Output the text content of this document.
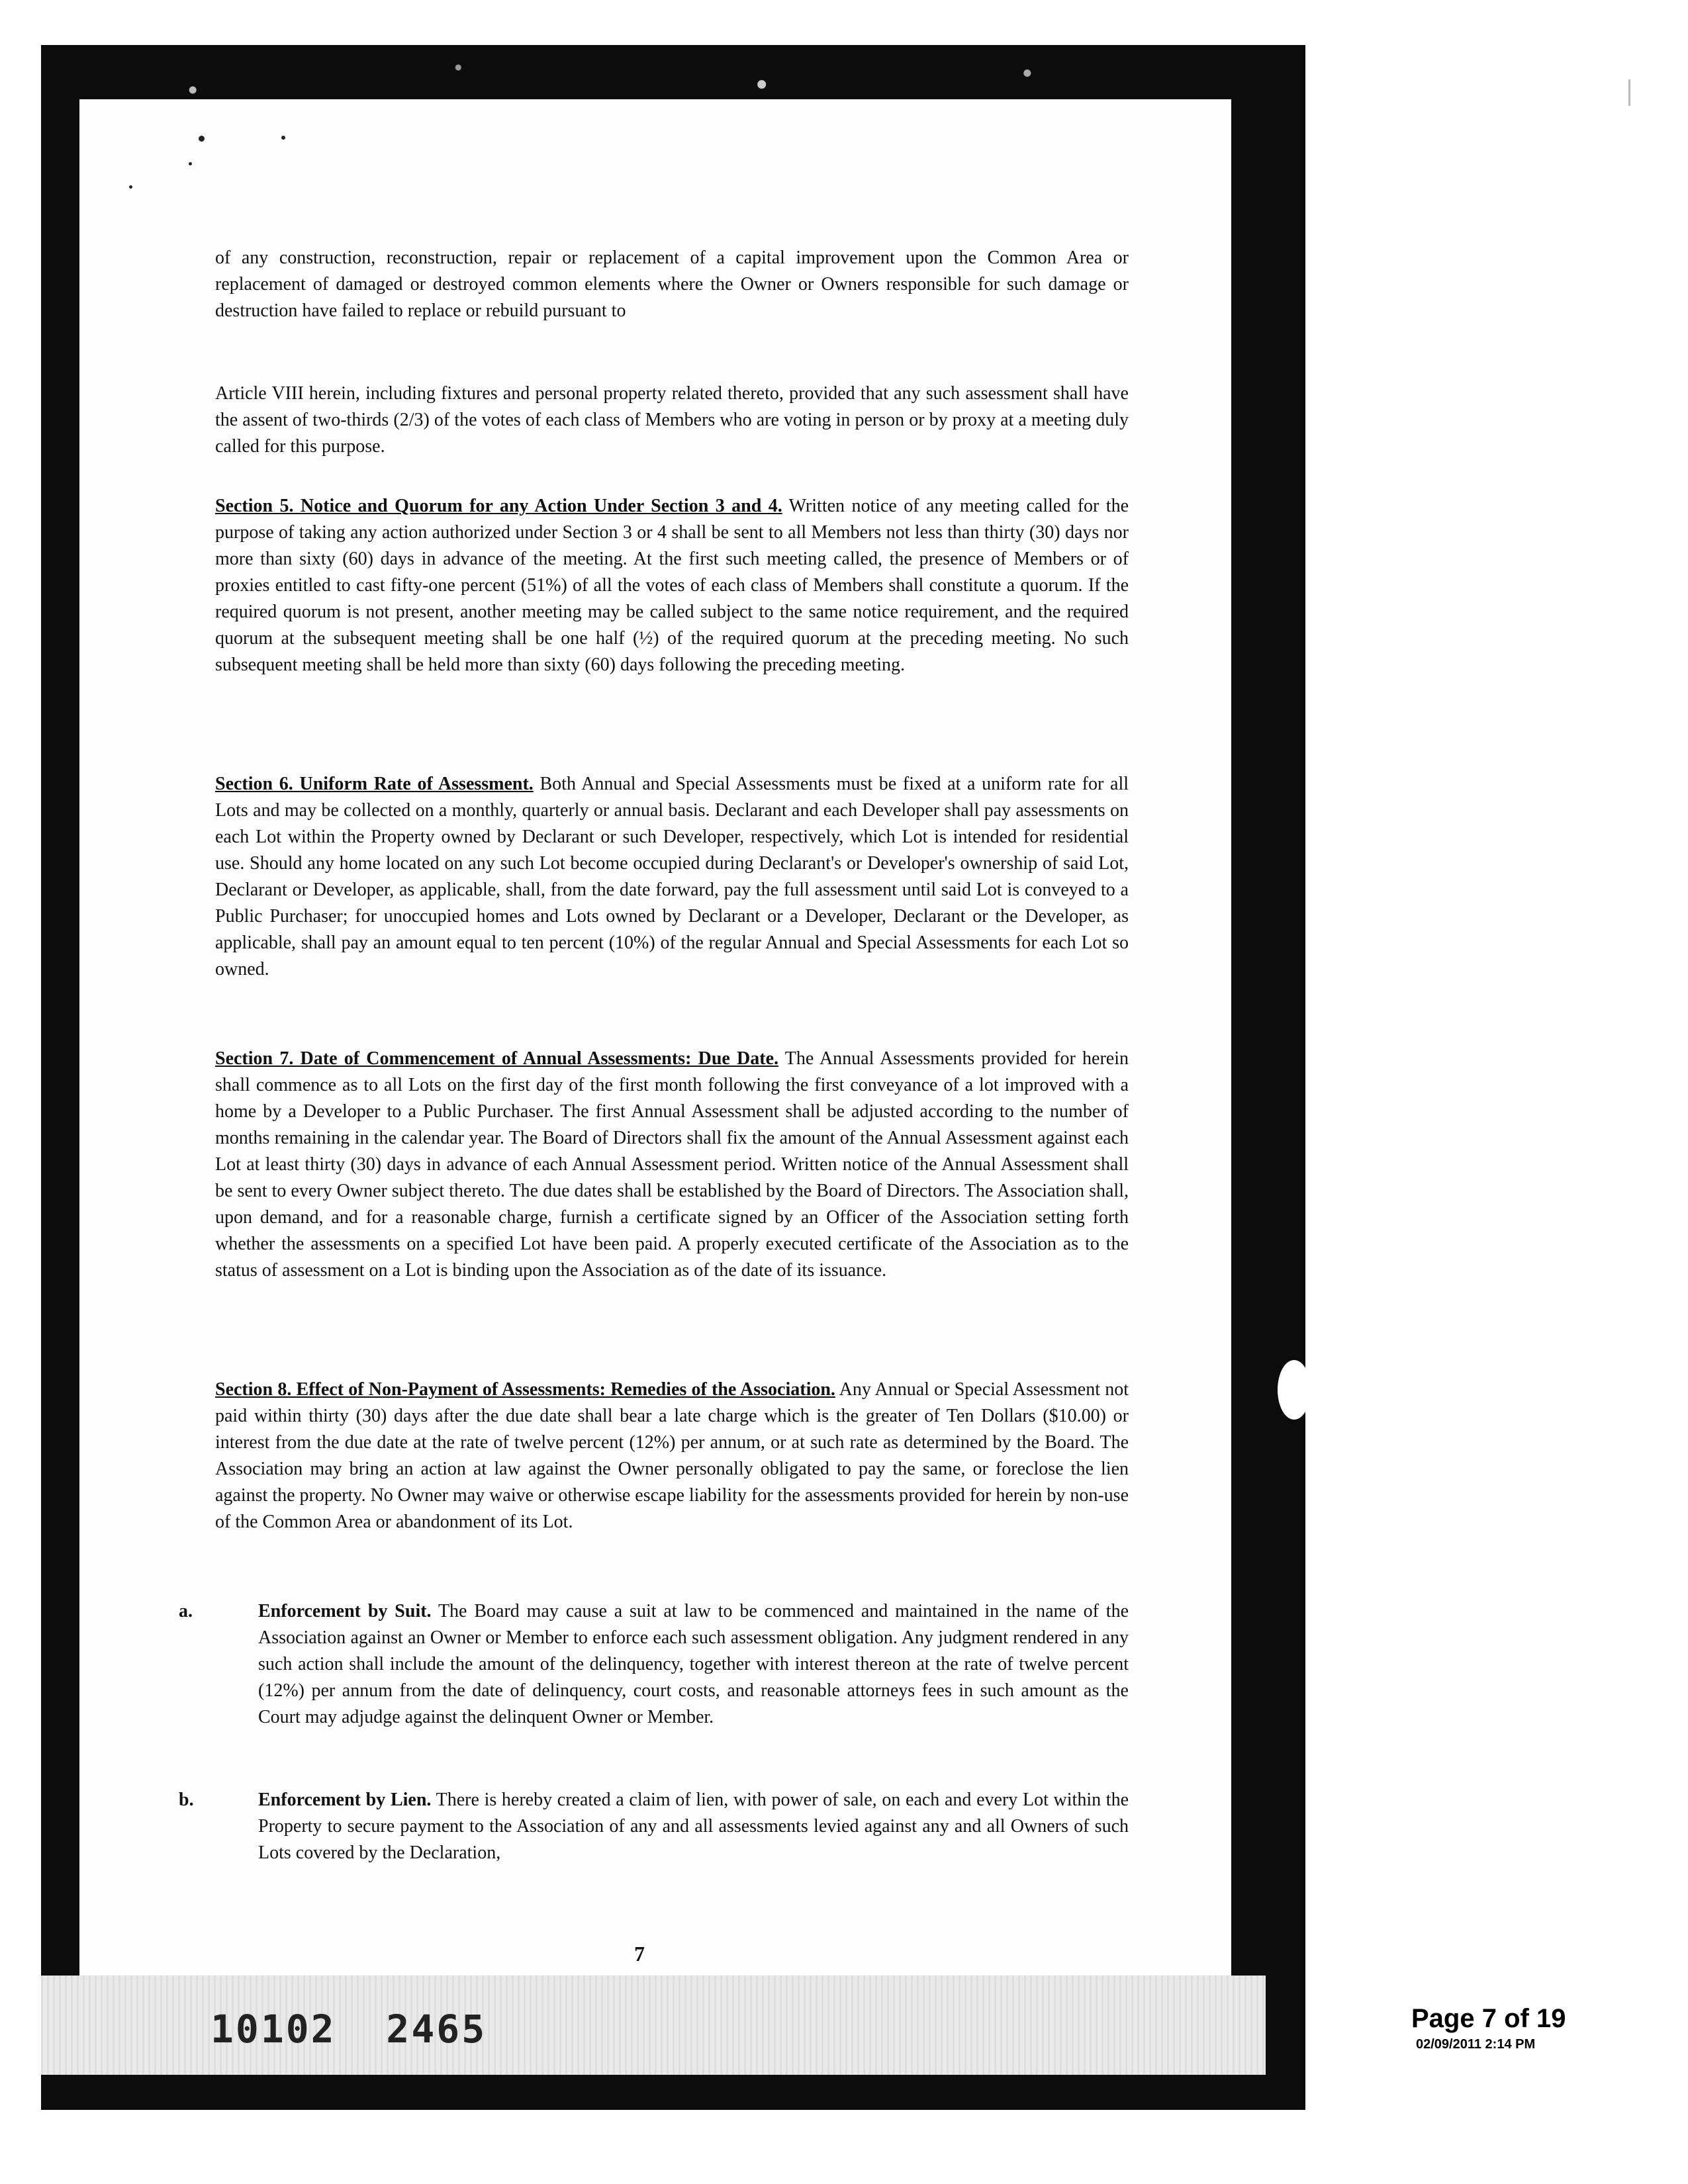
of any construction, reconstruction, repair or replacement of a capital improvement upon the Common Area or replacement of damaged or destroyed common elements where the Owner or Owners responsible for such damage or destruction have failed to replace or rebuild pursuant to

Article VIII herein, including fixtures and personal property related thereto, provided that any such assessment shall have the assent of two-thirds (2/3) of the votes of each class of Members who are voting in person or by proxy at a meeting duly called for this purpose.

Section 5. Notice and Quorum for any Action Under Section 3 and 4. Written notice of any meeting called for the purpose of taking any action authorized under Section 3 or 4 shall be sent to all Members not less than thirty (30) days nor more than sixty (60) days in advance of the meeting. At the first such meeting called, the presence of Members or of proxies entitled to cast fifty-one percent (51%) of all the votes of each class of Members shall constitute a quorum. If the required quorum is not present, another meeting may be called subject to the same notice requirement, and the required quorum at the subsequent meeting shall be one half (½) of the required quorum at the preceding meeting. No such subsequent meeting shall be held more than sixty (60) days following the preceding meeting.

Section 6. Uniform Rate of Assessment. Both Annual and Special Assessments must be fixed at a uniform rate for all Lots and may be collected on a monthly, quarterly or annual basis. Declarant and each Developer shall pay assessments on each Lot within the Property owned by Declarant or such Developer, respectively, which Lot is intended for residential use. Should any home located on any such Lot become occupied during Declarant's or Developer's ownership of said Lot, Declarant or Developer, as applicable, shall, from the date forward, pay the full assessment until said Lot is conveyed to a Public Purchaser; for unoccupied homes and Lots owned by Declarant or a Developer, Declarant or the Developer, as applicable, shall pay an amount equal to ten percent (10%) of the regular Annual and Special Assessments for each Lot so owned.

Section 7. Date of Commencement of Annual Assessments: Due Date. The Annual Assessments provided for herein shall commence as to all Lots on the first day of the first month following the first conveyance of a lot improved with a home by a Developer to a Public Purchaser. The first Annual Assessment shall be adjusted according to the number of months remaining in the calendar year. The Board of Directors shall fix the amount of the Annual Assessment against each Lot at least thirty (30) days in advance of each Annual Assessment period. Written notice of the Annual Assessment shall be sent to every Owner subject thereto. The due dates shall be established by the Board of Directors. The Association shall, upon demand, and for a reasonable charge, furnish a certificate signed by an Officer of the Association setting forth whether the assessments on a specified Lot have been paid. A properly executed certificate of the Association as to the status of assessment on a Lot is binding upon the Association as of the date of its issuance.

Section 8. Effect of Non-Payment of Assessments: Remedies of the Association. Any Annual or Special Assessment not paid within thirty (30) days after the due date shall bear a late charge which is the greater of Ten Dollars ($10.00) or interest from the due date at the rate of twelve percent (12%) per annum, or at such rate as determined by the Board. The Association may bring an action at law against the Owner personally obligated to pay the same, or foreclose the lien against the property. No Owner may waive or otherwise escape liability for the assessments provided for herein by non-use of the Common Area or abandonment of its Lot.

a.	Enforcement by Suit. The Board may cause a suit at law to be commenced and maintained in the name of the Association against an Owner or Member to enforce each such assessment obligation. Any judgment rendered in any such action shall include the amount of the delinquency, together with interest thereon at the rate of twelve percent (12%) per annum from the date of delinquency, court costs, and reasonable attorneys fees in such amount as the Court may adjudge against the delinquent Owner or Member.
b.	Enforcement by Lien. There is hereby created a claim of lien, with power of sale, on each and every Lot within the Property to secure payment to the Association of any and all assessments levied against any and all Owners of such Lots covered by the Declaration,
7
10102  2465	Page 7 of 19
02/09/2011 2:14 PM
